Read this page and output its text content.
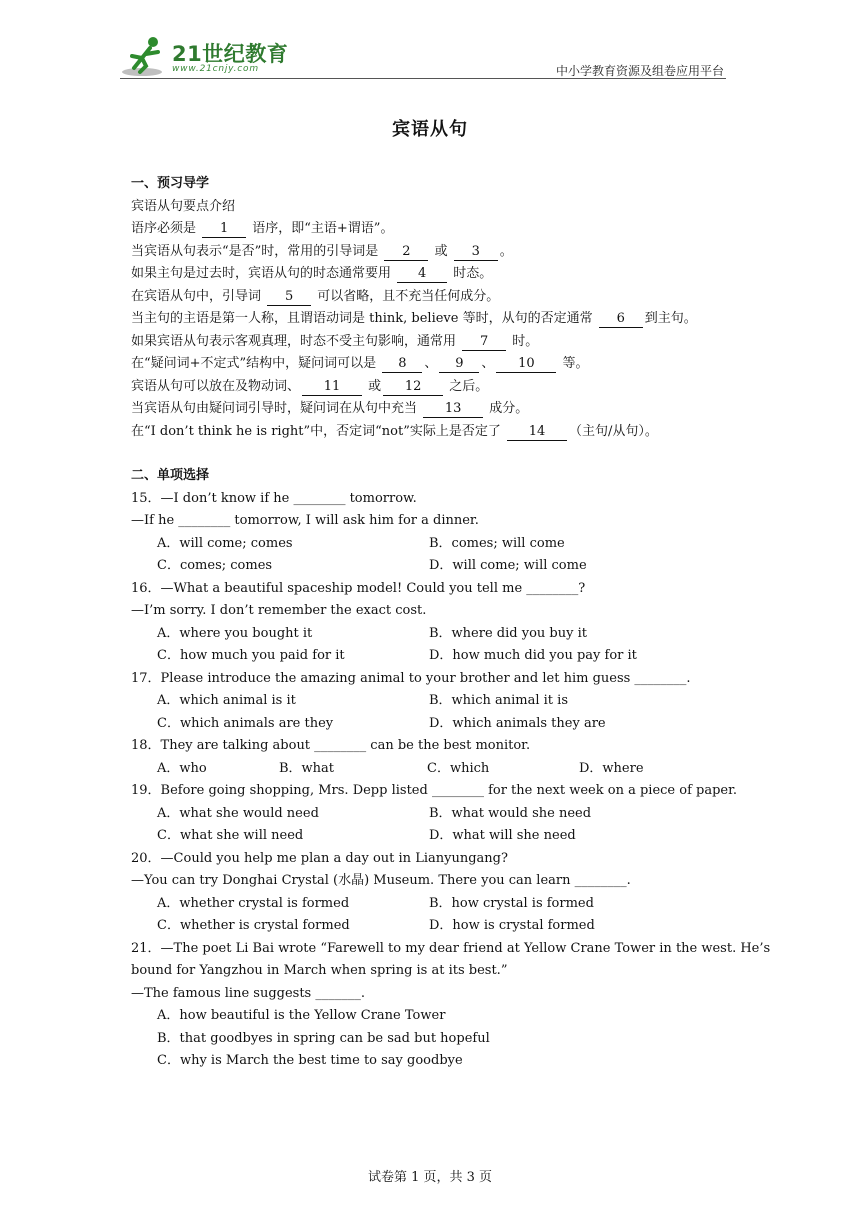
21世纪教育
www.21cnjy.com	中小学教育资源及组卷应用平台
宾语从句
一、预习导学
宾语从句要点介绍
语序必须是 1 语序，即“主语+谓语”。
当宾语从句表示“是否”时，常用的引导词是 2 或 3 。
如果主句是过去时，宾语从句的时态通常要用 4 时态。
在宾语从句中，引导词 5 可以省略，且不充当任何成分。
当主句的主语是第一人称，且谓语动词是 think, believe 等时，从句的否定通常 6 到主句。
如果宾语从句表示客观真理，时态不受主句影响，通常用 7 时。
在“疑问词+不定式”结构中，疑问词可以是 8 、 9 、 10 等。
宾语从句可以放在及物动词、 11 或 12 之后。
当宾语从句由疑问词引导时，疑问词在从句中充当 13 成分。
在“I don’t think he is right”中，否定词“not”实际上是否定了 14 （主句/从句）。
二、单项选择
15．—I don’t know if he ________ tomorrow.
—If he ________ tomorrow, I will ask him for a dinner.
A．will come; comes	B．comes; will come
C．comes; comes	D．will come; will come
16．—What a beautiful spaceship model! Could you tell me ________?
—I’m sorry. I don’t remember the exact cost.
A．where you bought it	B．where did you buy it
C．how much you paid for it	D．how much did you pay for it
17．Please introduce the amazing animal to your brother and let him guess ________.
A．which animal is it	B．which animal it is
C．which animals are they	D．which animals they are
18．They are talking about ________ can be the best monitor.
A．who	B．what	C．which	D．where
19．Before going shopping, Mrs. Depp listed ________ for the next week on a piece of paper.
A．what she would need	B．what would she need
C．what she will need	D．what will she need
20．—Could you help me plan a day out in Lianyungang?
—You can try Donghai Crystal (水晶) Museum. There you can learn ________.
A．whether crystal is formed	B．how crystal is formed
C．whether is crystal formed	D．how is crystal formed
21．—The poet Li Bai wrote “Farewell to my dear friend at Yellow Crane Tower in the west. He’s
bound for Yangzhou in March when spring is at its best.”
—The famous line suggests _______.
A．how beautiful is the Yellow Crane Tower
B．that goodbyes in spring can be sad but hopeful
C．why is March the best time to say goodbye
试卷第 1 页，共 3 页
